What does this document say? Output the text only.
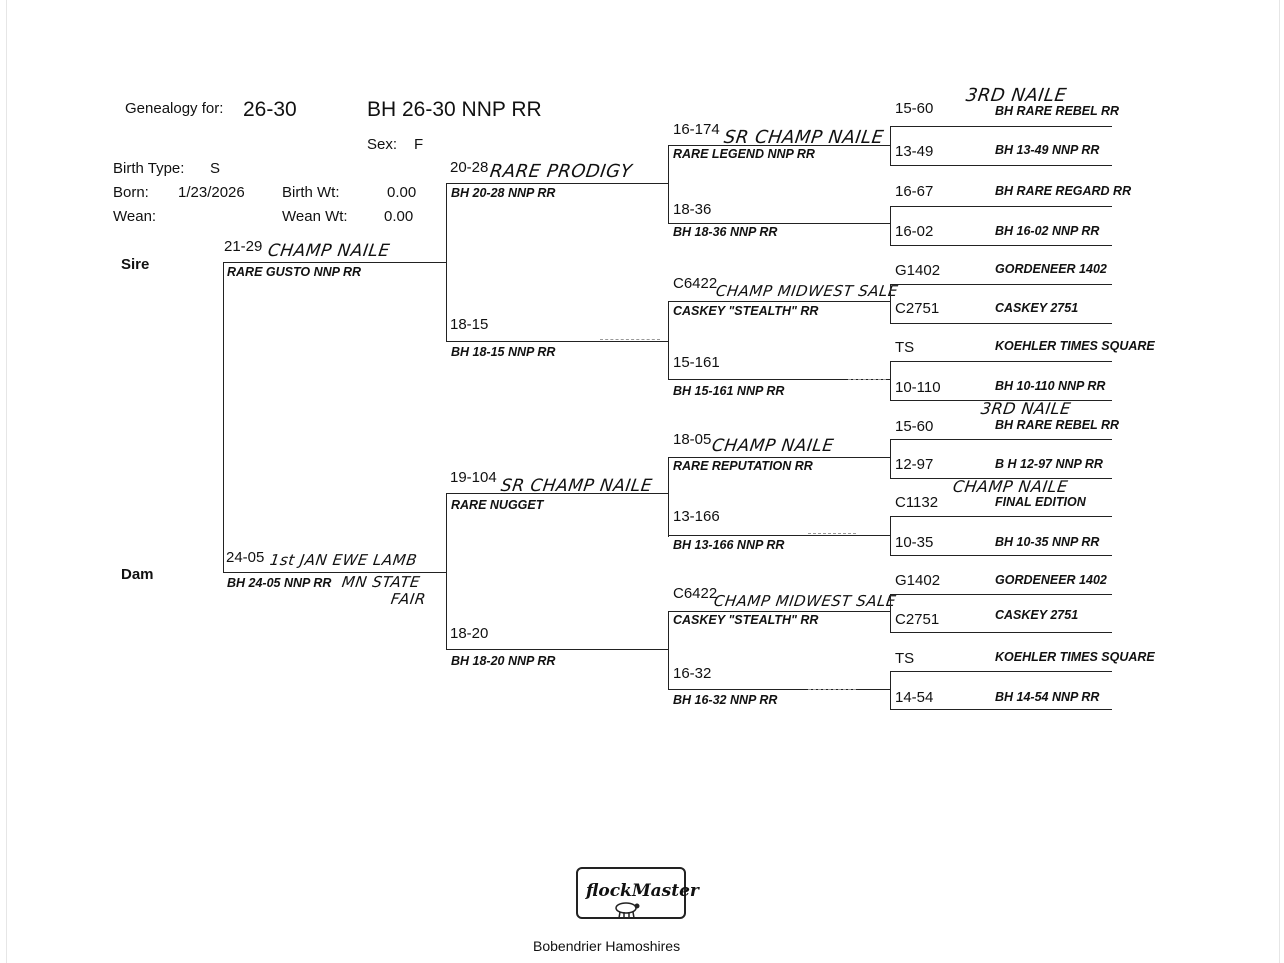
Genealogy for: 26-30	BH 26-30 NNP RR
Sex: F
Birth Type: S
Born: 1/23/2026 Birth Wt:	0.00
Wean:	Wean Wt: 0.00
Sire
Dam
21-29 CHAMP NAILE
RARE GUSTO NNP RR
24-05 1st JAN EWE LAMB
BH 24-05 NNP RR MN STATE
FAIR
20-28 RARE PRODIGY
BH 20-28 NNP RR
18-15
BH 18-15 NNP RR
19-104 SR CHAMP NAILE
RARE NUGGET
18-20
BH 18-20 NNP RR
16-174 SR CHAMP NAILE
RARE LEGEND NNP RR
18-36
BH 18-36 NNP RR
C6422
CHAMP MIDWEST SALE
CASKEY "STEALTH" RR
15-161
BH 15-161 NNP RR
18-05 CHAMP NAILE
RARE REPUTATION RR
13-166
BH 13-166 NNP RR
C6422
CHAMP MIDWEST SALE
CASKEY "STEALTH" RR
16-32
BH 16-32 NNP RR
15-60
3RD NAILE
BH RARE REBEL RR
13-49	BH 13-49 NNP RR
16-67	BH RARE REGARD RR
16-02	BH 16-02 NNP RR
G1402	GORDENEER 1402
C2751	CASKEY 2751
TS	KOEHLER TIMES SQUARE
10-110	BH 10-110 NNP RR
15-60
3RD NAILE
BH RARE REBEL RR
12-97	B H 12-97 NNP RR
C1132
CHAMP NAILE
FINAL EDITION
10-35	BH 10-35 NNP RR
G1402	GORDENEER 1402
C2751	CASKEY 2751
TS	KOEHLER TIMES SQUARE
14-54	BH 14-54 NNP RR
flockMaster
Bobendrier Hamoshires
